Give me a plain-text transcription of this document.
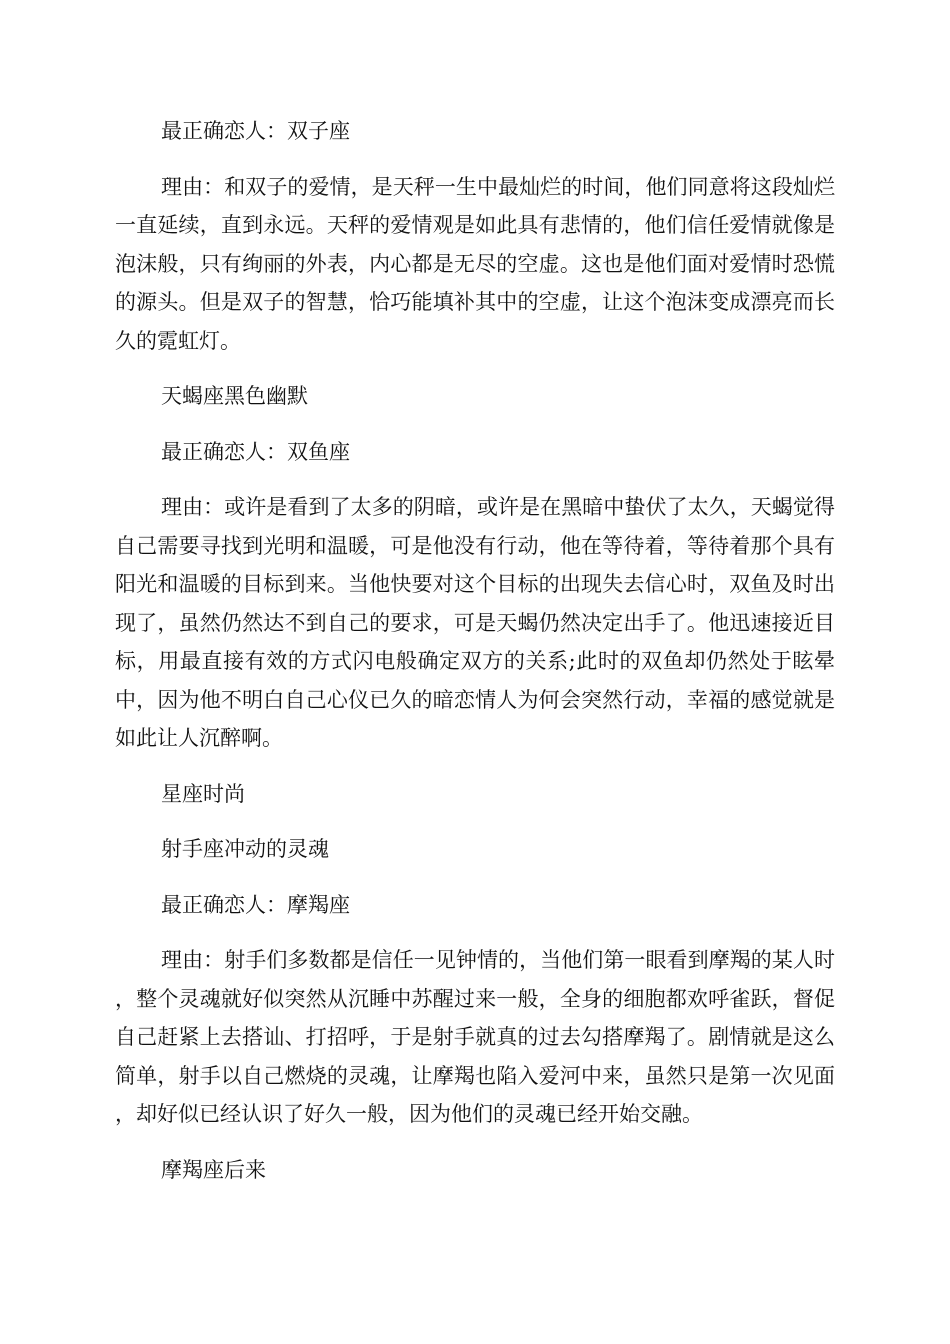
最正确恋人：双子座

理由：和双子的爱情，是天秤一生中最灿烂的时间，他们同意将这段灿烂一直延续，直到永远。天秤的爱情观是如此具有悲情的，他们信任爱情就像是泡沫般，只有绚丽的外表，内心都是无尽的空虚。这也是他们面对爱情时恐慌的源头。但是双子的智慧，恰巧能填补其中的空虚，让这个泡沫变成漂亮而长久的霓虹灯。

天蝎座黑色幽默

最正确恋人：双鱼座

理由：或许是看到了太多的阴暗，或许是在黑暗中蛰伏了太久，天蝎觉得自己需要寻找到光明和温暖，可是他没有行动，他在等待着，等待着那个具有阳光和温暖的目标到来。当他快要对这个目标的出现失去信心时，双鱼及时出现了，虽然仍然达不到自己的要求，可是天蝎仍然决定出手了。他迅速接近目标，用最直接有效的方式闪电般确定双方的关系;此时的双鱼却仍然处于眩晕中，因为他不明白自己心仪已久的暗恋情人为何会突然行动，幸福的感觉就是如此让人沉醉啊。

星座时尚

射手座冲动的灵魂

最正确恋人：摩羯座

理由：射手们多数都是信任一见钟情的，当他们第一眼看到摩羯的某人时，整个灵魂就好似突然从沉睡中苏醒过来一般，全身的细胞都欢呼雀跃，督促自己赶紧上去搭讪、打招呼，于是射手就真的过去勾搭摩羯了。剧情就是这么简单，射手以自己燃烧的灵魂，让摩羯也陷入爱河中来，虽然只是第一次见面，却好似已经认识了好久一般，因为他们的灵魂已经开始交融。

摩羯座后来
